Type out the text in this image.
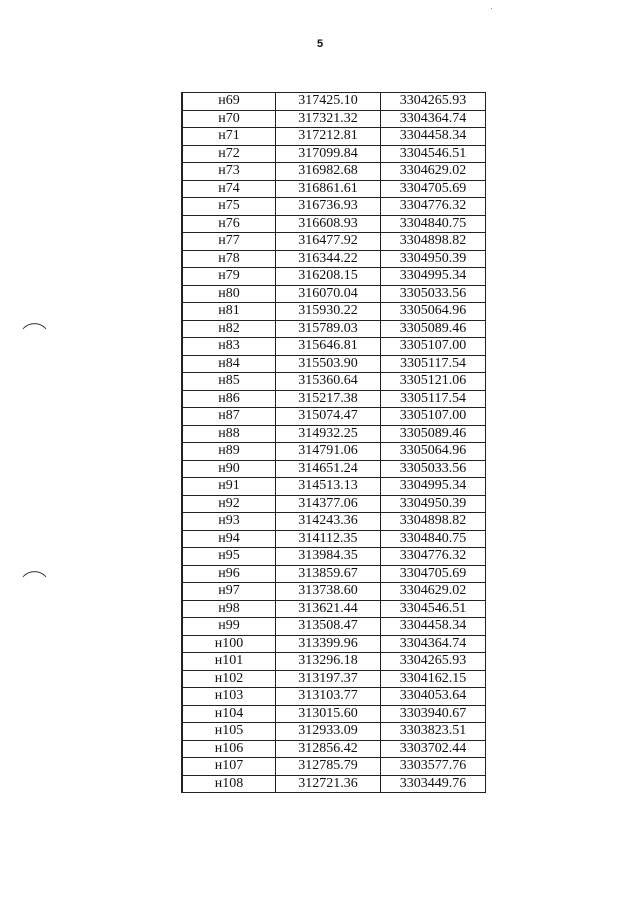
5
н69	317425.10	3304265.93
н70	317321.32	3304364.74
н71	317212.81	3304458.34
н72	317099.84	3304546.51
н73	316982.68	3304629.02
н74	316861.61	3304705.69
н75	316736.93	3304776.32
н76	316608.93	3304840.75
н77	316477.92	3304898.82
н78	316344.22	3304950.39
н79	316208.15	3304995.34
н80	316070.04	3305033.56
н81	315930.22	3305064.96
н82	315789.03	3305089.46
н83	315646.81	3305107.00
н84	315503.90	3305117.54
н85	315360.64	3305121.06
н86	315217.38	3305117.54
н87	315074.47	3305107.00
н88	314932.25	3305089.46
н89	314791.06	3305064.96
н90	314651.24	3305033.56
н91	314513.13	3304995.34
н92	314377.06	3304950.39
н93	314243.36	3304898.82
н94	314112.35	3304840.75
н95	313984.35	3304776.32
н96	313859.67	3304705.69
н97	313738.60	3304629.02
н98	313621.44	3304546.51
н99	313508.47	3304458.34
н100	313399.96	3304364.74
н101	313296.18	3304265.93
н102	313197.37	3304162.15
н103	313103.77	3304053.64
н104	313015.60	3303940.67
н105	312933.09	3303823.51
н106	312856.42	3303702.44
н107	312785.79	3303577.76
н108	312721.36	3303449.76
